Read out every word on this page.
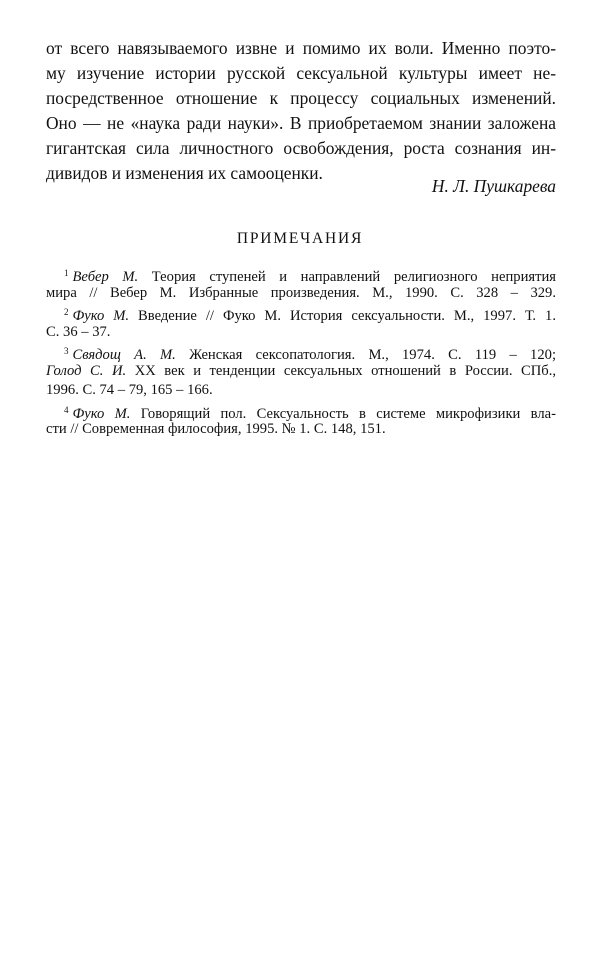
от всего навязываемого извне и помимо их воли. Именно поэто-
му изучение истории русской сексуальной культуры имеет не-
посредственное отношение к процессу социальных изменений.
Оно — не «наука ради науки». В приобретаемом знании заложена
гигантская сила личностного освобождения, роста сознания ин-
дивидов и изменения их самооценки.
Н. Л. Пушкарева
ПРИМЕЧАНИЯ
$^1$ Вебер М. Теория ступеней и направлений религиозного неприятия
мира // Вебер М. Избранные произведения. М., 1990. С. 328 – 329.
$^2$ Фуко М. Введение // Фуко М. История сексуальности. М., 1997. Т. 1.
С. 36 – 37.
$^3$ Свядощ А. М. Женская сексопатология. М., 1974. С. 119 – 120;
Голод С. И. XX век и тенденции сексуальных отношений в России. СПб.,
1996. С. 74 – 79, 165 – 166.
$^4$ Фуко М. Говорящий пол. Сексуальность в системе микрофизики вла-
сти // Современная философия, 1995. № 1. С. 148, 151.
